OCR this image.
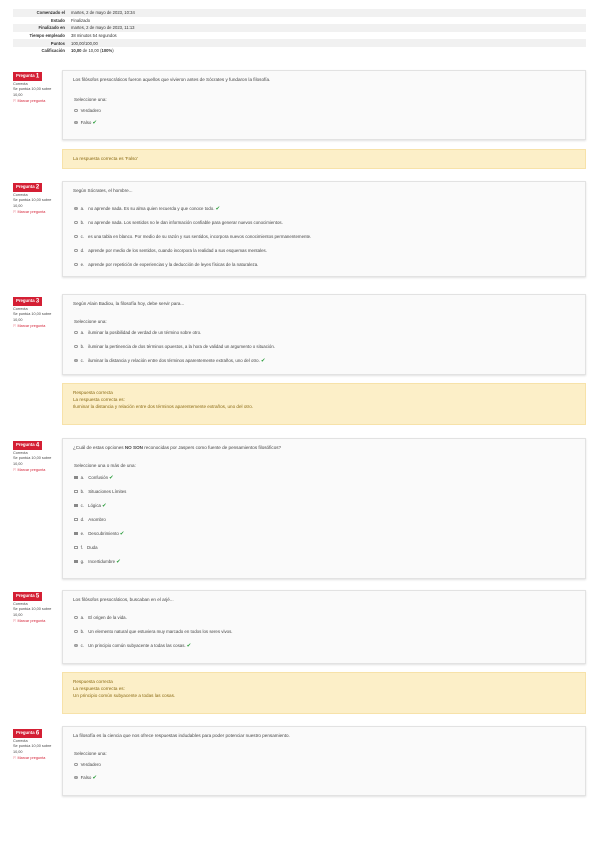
Comenzado el	martes, 2 de mayo de 2023, 10:34
Estado	Finalizado
Finalizado en	martes, 2 de mayo de 2023, 11:13
Tiempo empleado	38 minutos 54 segundos
Puntos	100,00/100,00
Calificación	10,00 de 10,00 (100%)
Pregunta 1
Correcta
Se puntúa 10,00 sobre 10,00
⚐ Marcar pregunta
Los filósofos presocráticos fueron aquellos que vivieron antes de Sócrates y fundaron la filosofía.
Seleccione una:
Verdadero
Falso ✔
La respuesta correcta es 'Falso'
Pregunta 2
Correcta
Se puntúa 10,00 sobre 10,00
⚐ Marcar pregunta
Según Sócrates, el hombre...
a. no aprende nada. Es su alma quien recuerda y que conoce todo. ✔
b. no aprende nada. Los sentidos no le dan información confiable para generar nuevos conocimientos.
c. es una tabla en blanco. Por medio de su razón y sus sentidos, incorpora nuevos conocimientos permanentemente.
d. aprende por medio de los sentidos, cuando incorpora la realidad a sus esquemas mentales.
e. aprende por repetición de experiencias y la deducción de leyes físicas de la naturaleza.
Pregunta 3
Correcta
Se puntúa 10,00 sobre 10,00
⚐ Marcar pregunta
Según Alain Badiou, la filosofía hoy, debe servir para...
Seleccione una:
a. iluminar la posibilidad de verdad de un término sobre otro.
b. iluminar la pertinencia de dos términos opuestos, a la hora de validad un argumento o situación.
c. iluminar la distancia y relación entre dos términos aparentemente extraños, uno del otro. ✔
Respuesta correcta
La respuesta correcta es:
Iluminar la distancia y relación entre dos términos aparentemente extraños, uno del otro.
Pregunta 4
Correcta
Se puntúa 10,00 sobre 10,00
⚐ Marcar pregunta
¿Cuál de estas opciones NO SON reconocidas por Jaspers como fuente de pensamientos filosóficos?
Seleccione una o más de una:
a. Confusión ✔
b. Situaciones Límites
c. Lógica ✔
d. Asombro
e. Descubrimiento ✔
f. Duda
g. Incertidumbre ✔
Pregunta 5
Correcta
Se puntúa 10,00 sobre 10,00
⚐ Marcar pregunta
Los filósofos presocráticos, buscaban en el arjé...
a. El origen de la vida.
b. Un elemento natural que estuviera muy marcado en todos los seres vivos.
c. Un principio común subyacente a todas las cosas. ✔
Respuesta correcta
La respuesta correcta es:
Un principio común subyacente a todas las cosas.
Pregunta 6
Correcta
Se puntúa 10,00 sobre 10,00
⚐ Marcar pregunta
La filosofía es la ciencia que nos ofrece respuestas indudables para poder potenciar nuestro pensamiento.
Seleccione una:
Verdadero
Falso ✔
